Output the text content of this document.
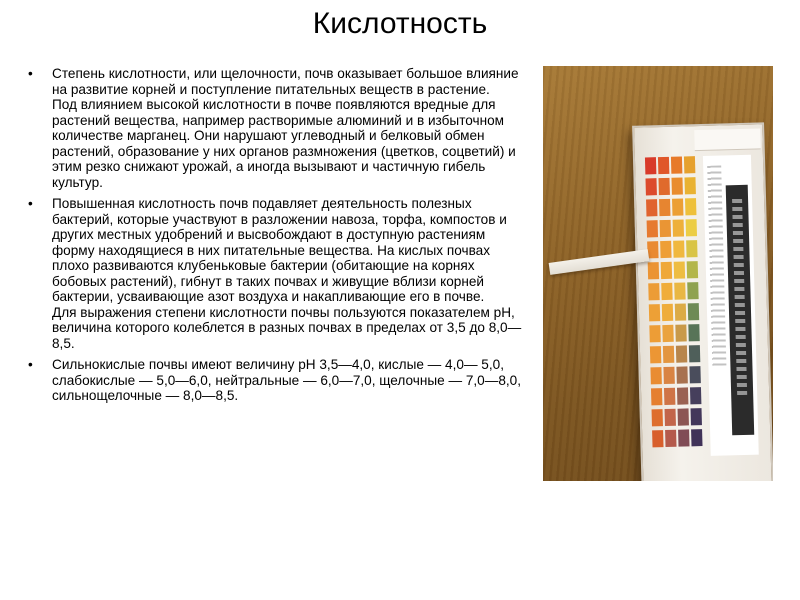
Кислотность
• Степень кислотности, или щелочности, почв оказывает большое влияние на развитие корней и поступление питательных веществ в растение.

Под влиянием высокой кислотности в почве появляются вредные для растений вещества, например растворимые алюминий и в избыточном количестве марганец. Они нарушают углеводный и белковый обмен растений, образование у них органов размножения (цветков, соцветий) и этим резко снижают урожай, а иногда вызывают и частичную гибель культур.

• Повышенная кислотность почв подавляет деятельность полезных бактерий, которые участвуют в разложении навоза, торфа, компостов и других местных удобрений и высвобождают в доступную растениям форму находящиеся в них питательные вещества. На кислых почвах плохо развиваются клубеньковые бактерии (обитающие на корнях бобовых растений), гибнут в таких почвах и живущие вблизи корней бактерии, усваивающие азот воздуха и накапливающие его в почве.

Для выражения степени кислотности почвы пользуются показателем рН, величина которого колеблется в разных почвах в пределах от 3,5 до 8,0—8,5.

• Сильнокислые почвы имеют величину рН 3,5—4,0, кислые — 4,0— 5,0, слабокислые — 5,0—6,0, нейтральные — 6,0—7,0, щелочные — 7,0—8,0, сильнощелочные — 8,0—8,5.
